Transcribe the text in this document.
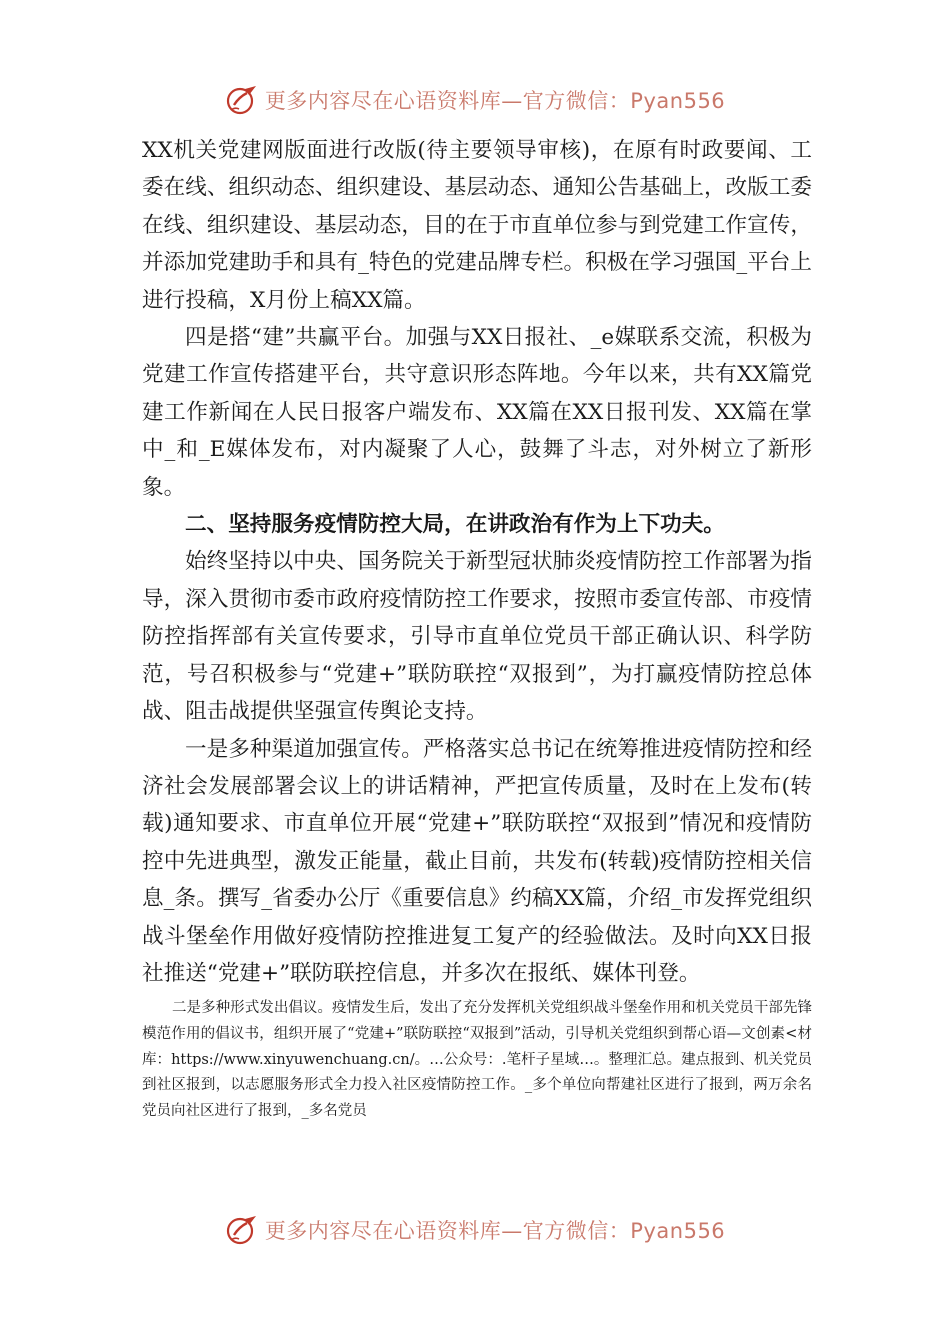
更多内容尽在心语资料库—官方微信：Pyan556

XX机关党建网版面进行改版(待主要领导审核)，在原有时政要闻、工委在线、组织动态、组织建设、基层动态、通知公告基础上，改版工委在线、组织建设、基层动态，目的在于市直单位参与到党建工作宣传，并添加党建助手和具有_特色的党建品牌专栏。积极在学习强国_平台上进行投稿，X月份上稿XX篇。

四是搭“建”共赢平台。加强与XX日报社、_e媒联系交流，积极为党建工作宣传搭建平台，共守意识形态阵地。今年以来，共有XX篇党建工作新闻在人民日报客户端发布、XX篇在XX日报刊发、XX篇在掌中_和_E媒体发布，对内凝聚了人心，鼓舞了斗志，对外树立了新形象。

二、坚持服务疫情防控大局，在讲政治有作为上下功夫。

始终坚持以中央、国务院关于新型冠状肺炎疫情防控工作部署为指导，深入贯彻市委市政府疫情防控工作要求，按照市委宣传部、市疫情防控指挥部有关宣传要求，引导市直单位党员干部正确认识、科学防范，号召积极参与“党建+”联防联控“双报到”，为打赢疫情防控总体战、阻击战提供坚强宣传舆论支持。

一是多种渠道加强宣传。严格落实总书记在统筹推进疫情防控和经济社会发展部署会议上的讲话精神，严把宣传质量，及时在上发布(转载)通知要求、市直单位开展“党建+”联防联控“双报到”情况和疫情防控中先进典型，激发正能量，截止目前，共发布(转载)疫情防控相关信息_条。撰写_省委办公厅《重要信息》约稿XX篇，介绍_市发挥党组织战斗堡垒作用做好疫情防控推进复工复产的经验做法。及时向XX日报社推送“党建+”联防联控信息，并多次在报纸、媒体刊登。

二是多种形式发出倡议。疫情发生后，发出了充分发挥机关党组织战斗堡垒作用和机关党员干部先锋模范作用的倡议书，组织开展了“党建+”联防联控“双报到”活动，引导机关党组织到帮心语—文创素<材库：https://www.xinyuwenchuang.cn/。…公众号：.笔杆子星域…。整理汇总。建点报到、机关党员到社区报到，以志愿服务形式全力投入社区疫情防控工作。_多个单位向帮建社区进行了报到，两万余名党员向社区进行了报到，_多名党员

更多内容尽在心语资料库—官方微信：Pyan556
